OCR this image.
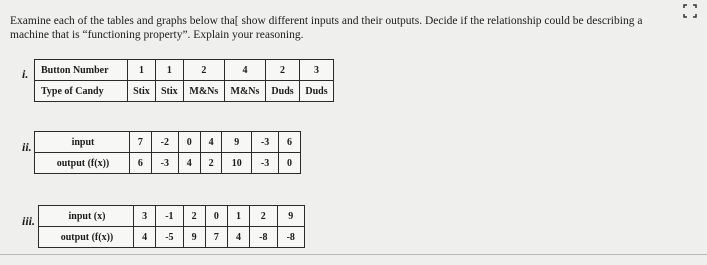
Examine each of the tables and graphs below tha[ show different inputs and their outputs. Decide if the relationship could be describing a machine that is “functioning property”. Explain your reasoning.
i. Button Number	1	1	2	4	2	3
Type of Candy	Stix	Stix	M&Ns	M&Ns	Duds	Duds
ii.	input	7	-2	0	4	9	-3	6
output (f(x))	6	-3	4	2	10	-3	0
iii.	input (x)	3	-1	2	0	1	2	9
output (f(x))	4	-5	9	7	4	-8	-8
